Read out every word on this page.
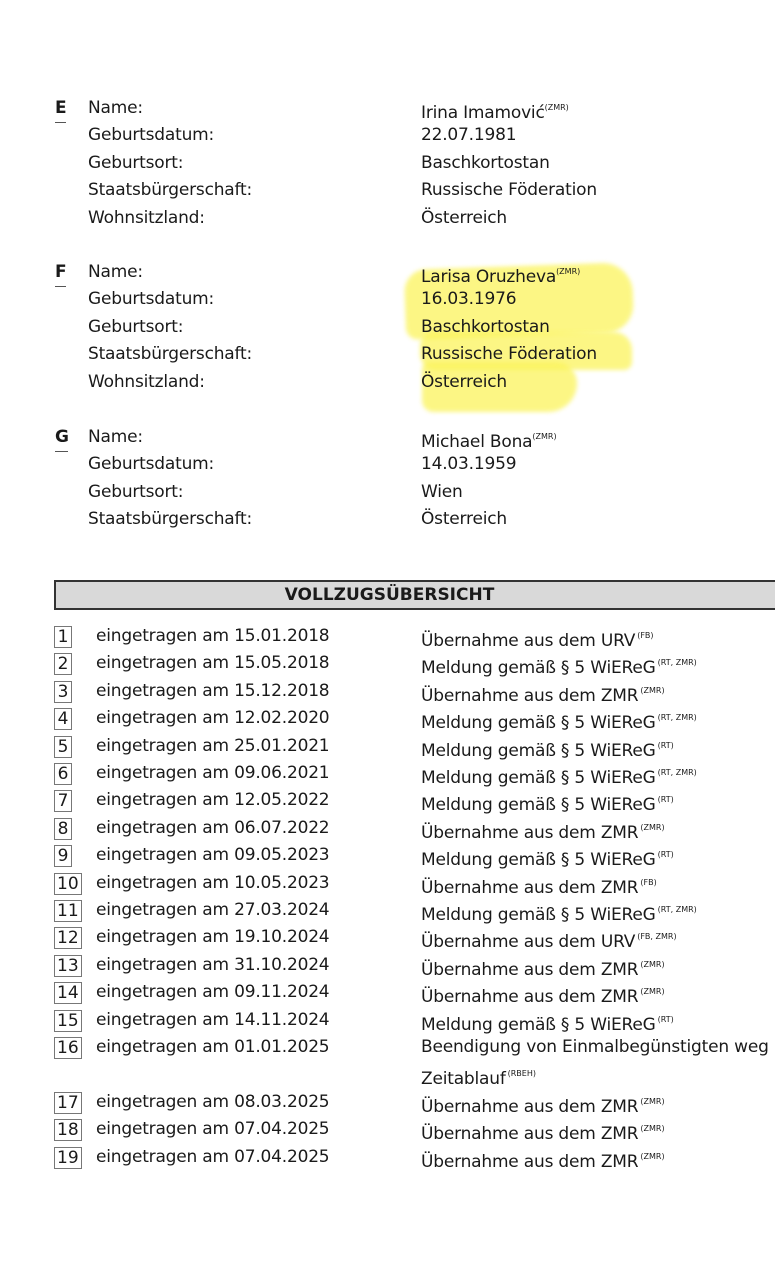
E Name:	Irina Imamović$^{(ZMR)}$
Geburtsdatum:	22.07.1981
Geburtsort:	Baschkortostan
Staatsbürgerschaft:	Russische Föderation
Wohnsitzland:	Österreich
F Name:	Larisa Oruzheva$^{(ZMR)}$
Geburtsdatum:	16.03.1976
Geburtsort:	Baschkortostan
Staatsbürgerschaft:	Russische Föderation
Wohnsitzland:	Österreich
G Name:	Michael Bona$^{(ZMR)}$
Geburtsdatum:	14.03.1959
Geburtsort:	Wien
Staatsbürgerschaft:	Österreich
VOLLZUGSÜBERSICHT
1 eingetragen am 15.01.2018	Übernahme aus dem URV $^{(FB)}$
2 eingetragen am 15.05.2018	Meldung gemäß § 5 WiEReG $^{(RT, ZMR)}$
3 eingetragen am 15.12.2018	Übernahme aus dem ZMR $^{(ZMR)}$
4 eingetragen am 12.02.2020	Meldung gemäß § 5 WiEReG $^{(RT, ZMR)}$
5 eingetragen am 25.01.2021	Meldung gemäß § 5 WiEReG $^{(RT)}$
6 eingetragen am 09.06.2021	Meldung gemäß § 5 WiEReG $^{(RT, ZMR)}$
7 eingetragen am 12.05.2022	Meldung gemäß § 5 WiEReG $^{(RT)}$
8 eingetragen am 06.07.2022	Übernahme aus dem ZMR $^{(ZMR)}$
9 eingetragen am 09.05.2023	Meldung gemäß § 5 WiEReG $^{(RT)}$
10 eingetragen am 10.05.2023	Übernahme aus dem ZMR $^{(FB)}$
11 eingetragen am 27.03.2024	Meldung gemäß § 5 WiEReG $^{(RT, ZMR)}$
12 eingetragen am 19.10.2024	Übernahme aus dem URV $^{(FB, ZMR)}$
13 eingetragen am 31.10.2024	Übernahme aus dem ZMR $^{(ZMR)}$
14 eingetragen am 09.11.2024	Übernahme aus dem ZMR $^{(ZMR)}$
15 eingetragen am 14.11.2024	Meldung gemäß § 5 WiEReG $^{(RT)}$
16 eingetragen am 01.01.2025	Beendigung von Einmalbegünstigten weg
Zeitablauf $^{(RBEH)}$
17 eingetragen am 08.03.2025	Übernahme aus dem ZMR $^{(ZMR)}$
18 eingetragen am 07.04.2025	Übernahme aus dem ZMR $^{(ZMR)}$
19 eingetragen am 07.04.2025	Übernahme aus dem ZMR $^{(ZMR)}$
